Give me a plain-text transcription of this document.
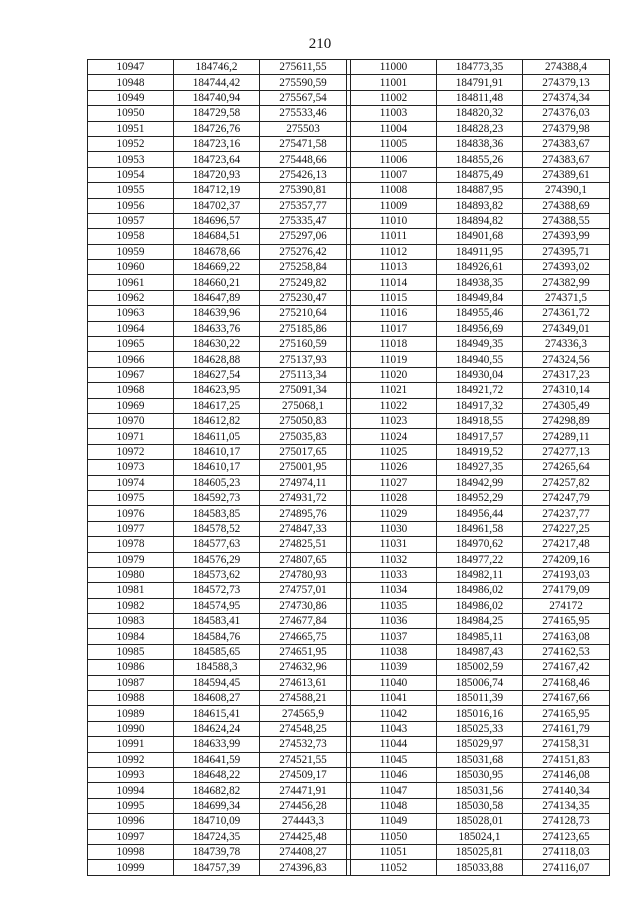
210
10947	184746,2	275611,55		11000	184773,35	274388,4
10948	184744,42	275590,59		11001	184791,91	274379,13
10949	184740,94	275567,54		11002	184811,48	274374,34
10950	184729,58	275533,46		11003	184820,32	274376,03
10951	184726,76	275503		11004	184828,23	274379,98
10952	184723,16	275471,58		11005	184838,36	274383,67
10953	184723,64	275448,66		11006	184855,26	274383,67
10954	184720,93	275426,13		11007	184875,49	274389,61
10955	184712,19	275390,81		11008	184887,95	274390,1
10956	184702,37	275357,77		11009	184893,82	274388,69
10957	184696,57	275335,47		11010	184894,82	274388,55
10958	184684,51	275297,06		11011	184901,68	274393,99
10959	184678,66	275276,42		11012	184911,95	274395,71
10960	184669,22	275258,84		11013	184926,61	274393,02
10961	184660,21	275249,82		11014	184938,35	274382,99
10962	184647,89	275230,47		11015	184949,84	274371,5
10963	184639,96	275210,64		11016	184955,46	274361,72
10964	184633,76	275185,86		11017	184956,69	274349,01
10965	184630,22	275160,59		11018	184949,35	274336,3
10966	184628,88	275137,93		11019	184940,55	274324,56
10967	184627,54	275113,34		11020	184930,04	274317,23
10968	184623,95	275091,34		11021	184921,72	274310,14
10969	184617,25	275068,1		11022	184917,32	274305,49
10970	184612,82	275050,83		11023	184918,55	274298,89
10971	184611,05	275035,83		11024	184917,57	274289,11
10972	184610,17	275017,65		11025	184919,52	274277,13
10973	184610,17	275001,95		11026	184927,35	274265,64
10974	184605,23	274974,11		11027	184942,99	274257,82
10975	184592,73	274931,72		11028	184952,29	274247,79
10976	184583,85	274895,76		11029	184956,44	274237,77
10977	184578,52	274847,33		11030	184961,58	274227,25
10978	184577,63	274825,51		11031	184970,62	274217,48
10979	184576,29	274807,65		11032	184977,22	274209,16
10980	184573,62	274780,93		11033	184982,11	274193,03
10981	184572,73	274757,01		11034	184986,02	274179,09
10982	184574,95	274730,86		11035	184986,02	274172
10983	184583,41	274677,84		11036	184984,25	274165,95
10984	184584,76	274665,75		11037	184985,11	274163,08
10985	184585,65	274651,95		11038	184987,43	274162,53
10986	184588,3	274632,96		11039	185002,59	274167,42
10987	184594,45	274613,61		11040	185006,74	274168,46
10988	184608,27	274588,21		11041	185011,39	274167,66
10989	184615,41	274565,9		11042	185016,16	274165,95
10990	184624,24	274548,25		11043	185025,33	274161,79
10991	184633,99	274532,73		11044	185029,97	274158,31
10992	184641,59	274521,55		11045	185031,68	274151,83
10993	184648,22	274509,17		11046	185030,95	274146,08
10994	184682,82	274471,91		11047	185031,56	274140,34
10995	184699,34	274456,28		11048	185030,58	274134,35
10996	184710,09	274443,3		11049	185028,01	274128,73
10997	184724,35	274425,48		11050	185024,1	274123,65
10998	184739,78	274408,27		11051	185025,81	274118,03
10999	184757,39	274396,83		11052	185033,88	274116,07
